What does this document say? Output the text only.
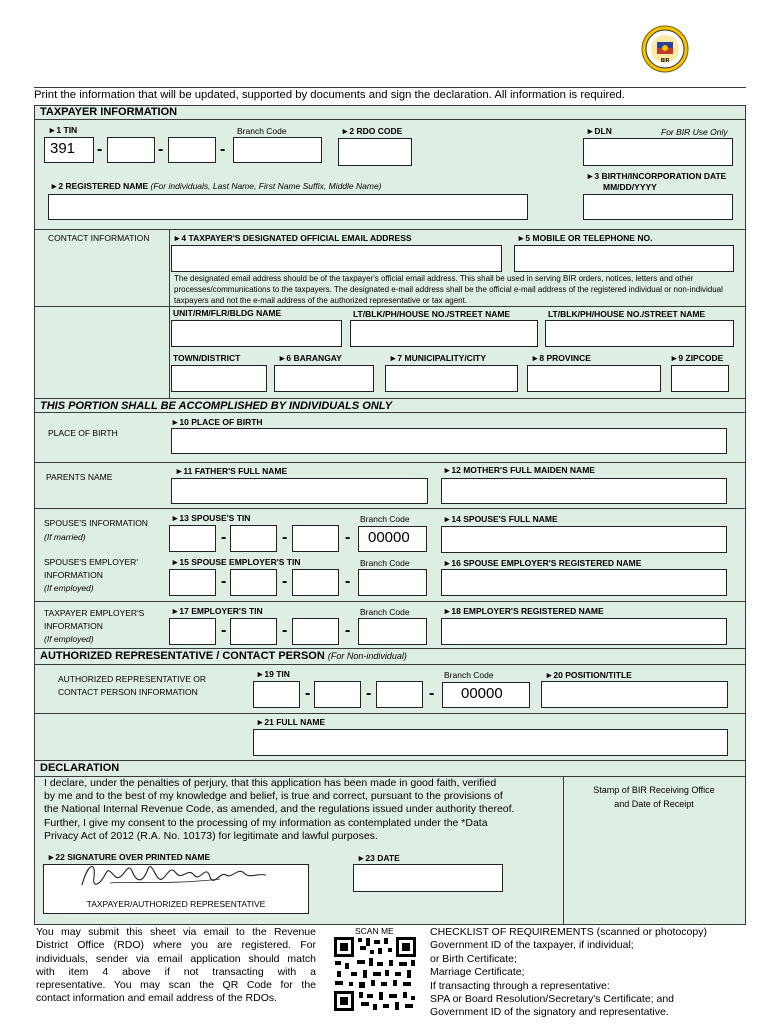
BIR
Print the information that will be updated, supported by documents and sign the declaration. All information is required.
TAXPAYER INFORMATION
►1 TIN
391	-	-	-
Branch Code	►2 RDO CODE	►DLN	For BIR Use Only
►2 REGISTERED NAME (For individuals, Last Name, First Name Suffix, Middle Name)
►3 BIRTH/INCORPORATION DATE
MM/DD/YYYY
CONTACT INFORMATION	►4 TAXPAYER'S DESIGNATED OFFICIAL EMAIL ADDRESS	►5 MOBILE OR TELEPHONE NO.
The designated email address should be of the taxpayer's official email address. This shall be used in serving BIR orders, notices, letters and other processes/communications to the taxpayers. The designated e-mail address shall be the official e-mail address of the registered individual or non-individual taxpayers and not the e-mail address of the authorized representative or tax agent.
UNIT/RM/FLR/BLDG NAME	LT/BLK/PH/HOUSE NO./STREET NAME	LT/BLK/PH/HOUSE NO./STREET NAME
TOWN/DISTRICT	►6 BARANGAY	►7 MUNICIPALITY/CITY	►8 PROVINCE	►9 ZIPCODE
THIS PORTION SHALL BE ACCOMPLISHED BY INDIVIDUALS ONLY
PLACE OF BIRTH
►10 PLACE OF BIRTH
PARENTS NAME
►11 FATHER'S FULL NAME	►12 MOTHER'S FULL MAIDEN NAME
SPOUSE'S INFORMATION
(If married)
►13 SPOUSE'S TIN	Branch Code	►14 SPOUSE'S FULL NAME
-	-	-	00000
SPOUSE'S EMPLOYER'
INFORMATION
(If employed)
►15 SPOUSE EMPLOYER'S TIN	Branch Code	►16 SPOUSE EMPLOYER'S REGISTERED NAME
-	-	-
TAXPAYER EMPLOYER'S
INFORMATION
(If employed)
►17 EMPLOYER'S TIN	Branch Code	►18 EMPLOYER'S REGISTERED NAME
-	-	-
AUTHORIZED REPRESENTATIVE / CONTACT PERSON (For Non-individual)
AUTHORIZED REPRESENTATIVE OR
CONTACT PERSON INFORMATION
►19 TIN	Branch Code	►20 POSITION/TITLE
-	-	-	00000
►21 FULL NAME
DECLARATION
I declare, under the penalties of perjury, that this application has been made in good faith, verified
by me and to the best of my knowledge and belief, is true and correct, pursuant to the provisions of
the National Internal Revenue Code, as amended, and the regulations issued under authority thereof.
Further, I give my consent to the processing of my information as contemplated under the *Data
Privacy Act of 2012 (R.A. No. 10173) for legitimate and lawful purposes.
Stamp of BIR Receiving Office
and Date of Receipt
►22 SIGNATURE OVER PRINTED NAME
TAXPAYER/AUTHORIZED REPRESENTATIVE
►23 DATE
You may submit this sheet via email to the Revenue
District Office (RDO) where you are registered. For
individuals, sender via email application should match
with item 4 above if not transacting with a
representative. You may scan the QR Code for the
contact information and email address of the RDOs.
SCAN ME	CHECKLIST OF REQUIREMENTS (scanned or photocopy)
Government ID of the taxpayer, if individual;
or Birth Certificate;
Marriage Certificate;
If transacting through a representative:
SPA or Board Resolution/Secretary's Certificate; and
Government ID of the signatory and representative.
